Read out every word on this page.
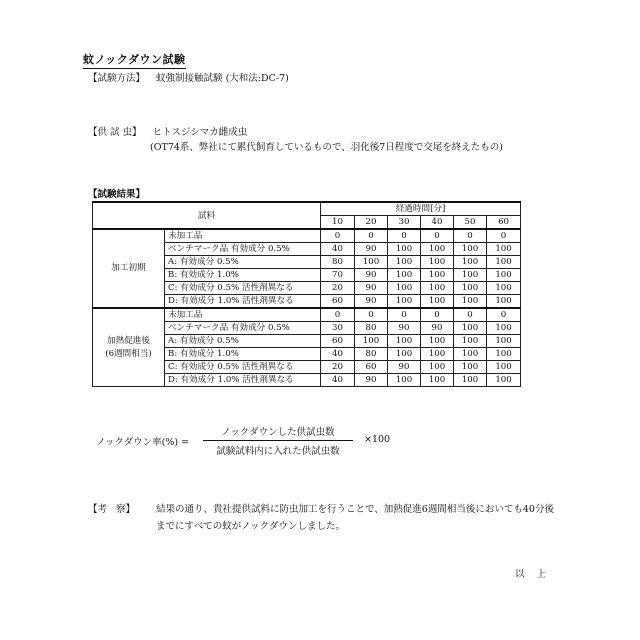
蚊ノックダウン試験
【試験方法】 蚊強制接触試験 (大和法:DC-7)
【供 試 虫】 ヒトスジシマカ雌成虫
(OT74系、弊社にて累代飼育しているもので、羽化後7日程度で交尾を終えたもの)
【試験結果】
試料		経過時間[分]					
		10	20	30	40	50	60

加工初期	未加工品	0	0	0	0	0	0
	ベンチマーク品 有効成分 0.5%	40	90	100	100	100	100
	A: 有効成分 0.5%	80	100	100	100	100	100
	B: 有効成分 1.0%	70	90	100	100	100	100
	C: 有効成分 0.5% 活性剤異なる	20	90	100	100	100	100
	D: 有効成分 1.0% 活性剤異なる	60	90	100	100	100	100

加熱促進後
(6週間相当)	未加工品	0	0	0	0	0	0
	ベンチマーク品 有効成分 0.5%	30	80	90	90	100	100
	A: 有効成分 0.5%	60	100	100	100	100	100
	B: 有効成分 1.0%	40	80	100	100	100	100
	C: 有効成分 0.5% 活性剤異なる	20	60	90	100	100	100
	D: 有効成分 1.0% 活性剤異なる	40	90	100	100	100	100
ノックダウン率(%) =
ノックダウンした供試虫数
試験試料内に入れた供試虫数
×100
【考   察】 結果の通り、貴社提供試料に防虫加工を行うことで、加熱促進6週間相当後においても40分後までにすべての蚊がノックダウンしました。
以上
